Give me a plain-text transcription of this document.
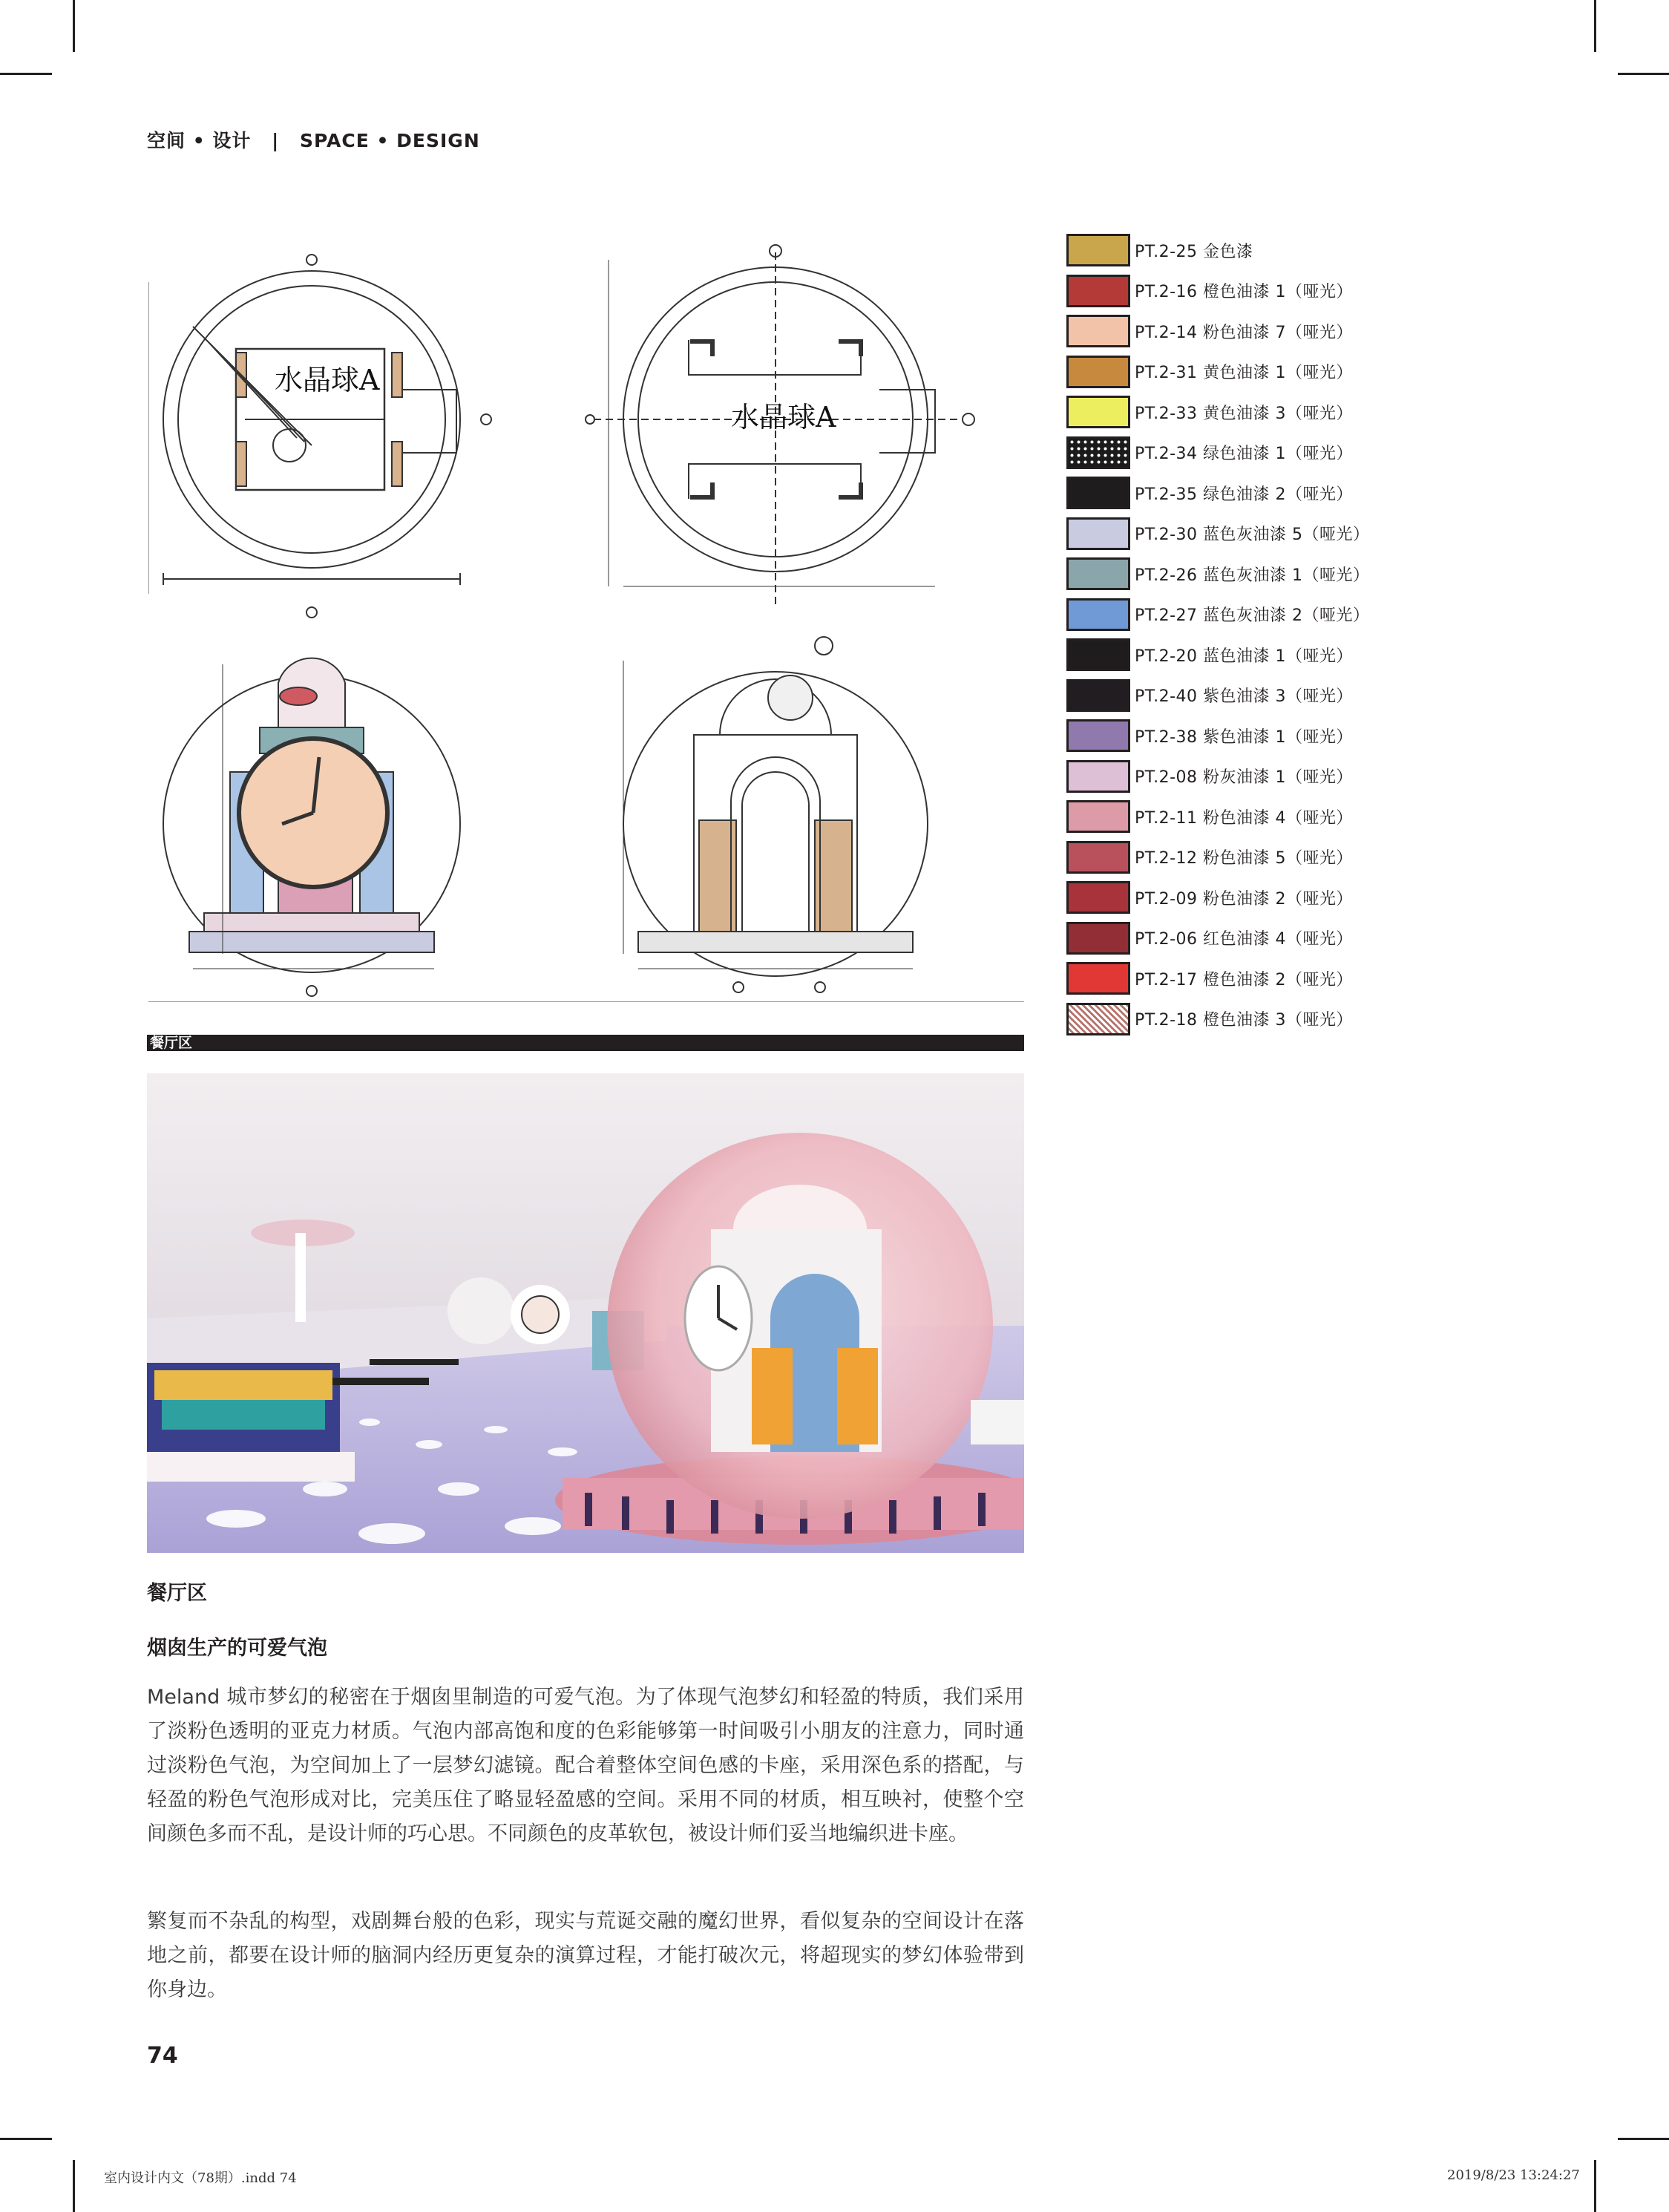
空间 • 设计 | SPACE • DESIGN
水晶球A
水晶球A
PT.2-25 金色漆
PT.2-16 橙色油漆 1（哑光）
PT.2-14 粉色油漆 7（哑光）
PT.2-31 黄色油漆 1（哑光）
PT.2-33 黄色油漆 3（哑光）
PT.2-34 绿色油漆 1（哑光）
PT.2-35 绿色油漆 2（哑光）
PT.2-30 蓝色灰油漆 5（哑光）
PT.2-26 蓝色灰油漆 1（哑光）
PT.2-27 蓝色灰油漆 2（哑光）
PT.2-20 蓝色油漆 1（哑光）
PT.2-40 紫色油漆 3（哑光）
PT.2-38 紫色油漆 1（哑光）
PT.2-08 粉灰油漆 1（哑光）
PT.2-11 粉色油漆 4（哑光）
PT.2-12 粉色油漆 5（哑光）
PT.2-09 粉色油漆 2（哑光）
PT.2-06 红色油漆 4（哑光）
PT.2-17 橙色油漆 2（哑光）
PT.2-18 橙色油漆 3（哑光）
餐厅区
餐厅区
烟囱生产的可爱气泡
Meland 城市梦幻的秘密在于烟囱里制造的可爱气泡。为了体现气泡梦幻和轻盈的特质，我们采用了淡粉色透明的亚克力材质。气泡内部高饱和度的色彩能够第一时间吸引小朋友的注意力，同时通过淡粉色气泡，为空间加上了一层梦幻滤镜。配合着整体空间色感的卡座，采用深色系的搭配，与轻盈的粉色气泡形成对比，完美压住了略显轻盈感的空间。采用不同的材质，相互映衬，使整个空间颜色多而不乱，是设计师的巧心思。不同颜色的皮革软包，被设计师们妥当地编织进卡座。
繁复而不杂乱的构型，戏剧舞台般的色彩，现实与荒诞交融的魔幻世界，看似复杂的空间设计在落地之前，都要在设计师的脑洞内经历更复杂的演算过程，才能打破次元，将超现实的梦幻体验带到你身边。
74
室内设计内文（78期）.indd 74	2019/8/23 13:24:27
